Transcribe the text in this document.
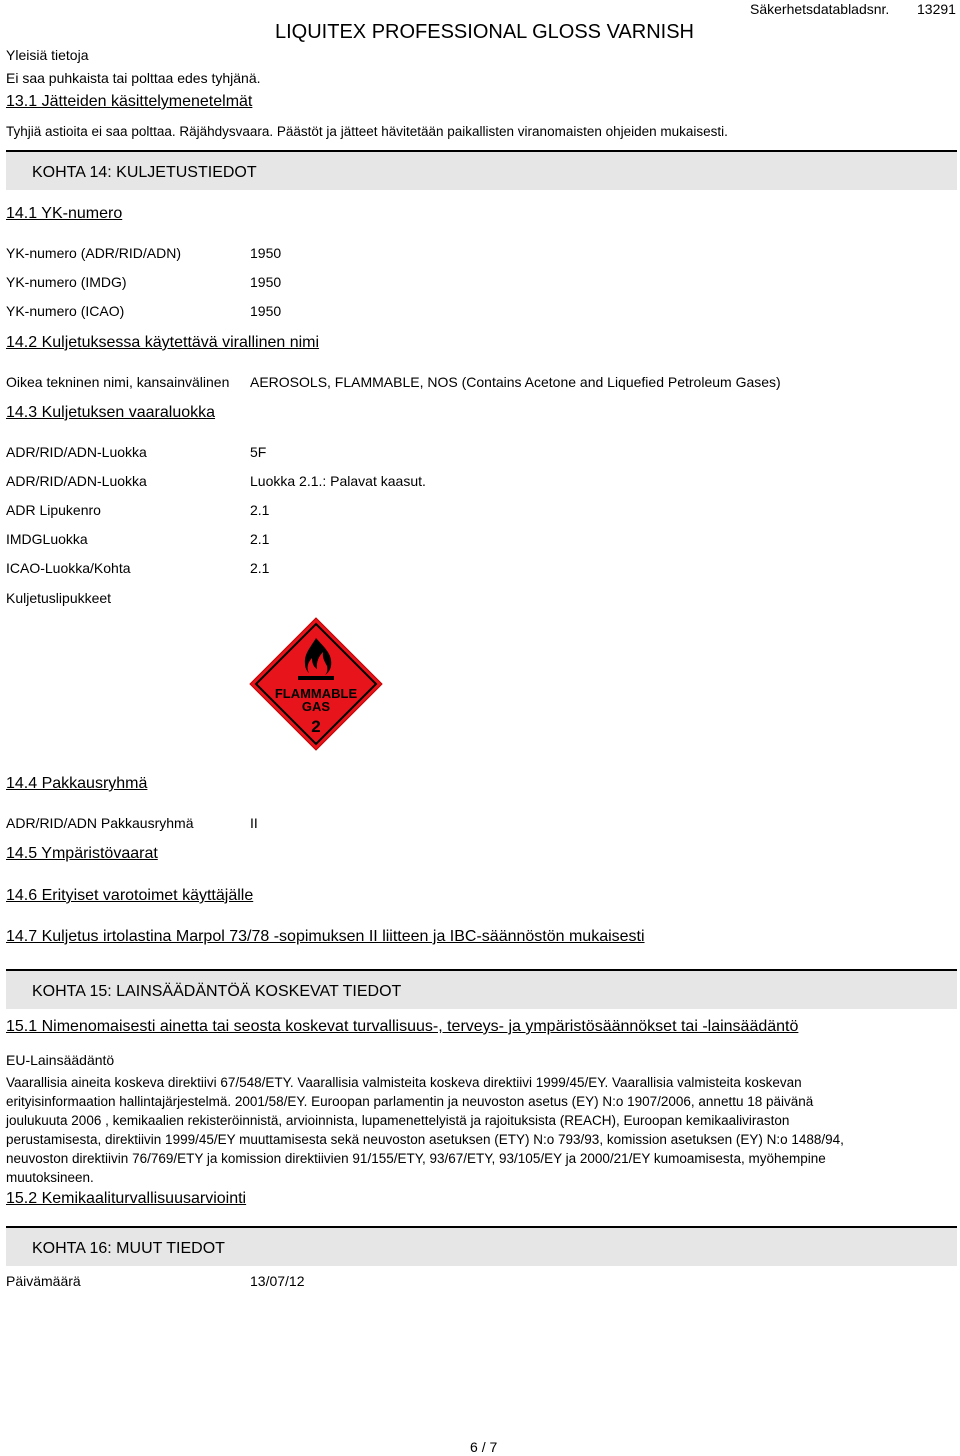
LIQUITEX PROFESSIONAL GLOSS VARNISH
Säkerhetsdatabladsnr. 13291
Yleisiä tietoja
Ei saa puhkaista tai polttaa edes tyhjänä.
13.1 Jätteiden käsittelymenetelmät
Tyhjiä astioita ei saa polttaa. Räjähdysvaara. Päästöt ja jätteet hävitetään paikallisten viranomaisten ohjeiden mukaisesti.
KOHTA 14: KULJETUSTIEDOT
14.1 YK-numero
YK-numero (ADR/RID/ADN)	1950
YK-numero (IMDG)	1950
YK-numero (ICAO)	1950
14.2 Kuljetuksessa käytettävä virallinen nimi
Oikea tekninen nimi, kansainvälinen AEROSOLS, FLAMMABLE, NOS (Contains Acetone and Liquefied Petroleum Gases)
14.3 Kuljetuksen vaaraluokka
ADR/RID/ADN-Luokka	5F
ADR/RID/ADN-Luokka	Luokka 2.1.: Palavat kaasut.
ADR Lipukenro	2.1
IMDGLuokka	2.1
ICAO-Luokka/Kohta	2.1
Kuljetuslipukkeet
FLAMMABLE
GAS
2
14.4 Pakkausryhmä
ADR/RID/ADN Pakkausryhmä	II
14.5 Ympäristövaarat
14.6 Erityiset varotoimet käyttäjälle
14.7 Kuljetus irtolastina Marpol 73/78 -sopimuksen II liitteen ja IBC-säännöstön mukaisesti
KOHTA 15: LAINSÄÄDÄNTÖÄ KOSKEVAT TIEDOT
15.1 Nimenomaisesti ainetta tai seosta koskevat turvallisuus-, terveys- ja ympäristösäännökset tai -lainsäädäntö
EU-Lainsäädäntö
Vaarallisia aineita koskeva direktiivi 67/548/ETY. Vaarallisia valmisteita koskeva direktiivi 1999/45/EY. Vaarallisia valmisteita koskevan
erityisinformaation hallintajärjestelmä. 2001/58/EY. Euroopan parlamentin ja neuvoston asetus (EY) N:o 1907/2006, annettu 18 päivänä
joulukuuta 2006 , kemikaalien rekisteröinnistä, arvioinnista, lupamenettelyistä ja rajoituksista (REACH), Euroopan kemikaaliviraston
perustamisesta, direktiivin 1999/45/EY muuttamisesta sekä neuvoston asetuksen (ETY) N:o 793/93, komission asetuksen (EY) N:o 1488/94,
neuvoston direktiivin 76/769/ETY ja komission direktiivien 91/155/ETY, 93/67/ETY, 93/105/EY ja 2000/21/EY kumoamisesta, myöhempine
muutoksineen.
15.2 Kemikaaliturvallisuusarviointi
KOHTA 16: MUUT TIEDOT
Päivämäärä	13/07/12
6 / 7
